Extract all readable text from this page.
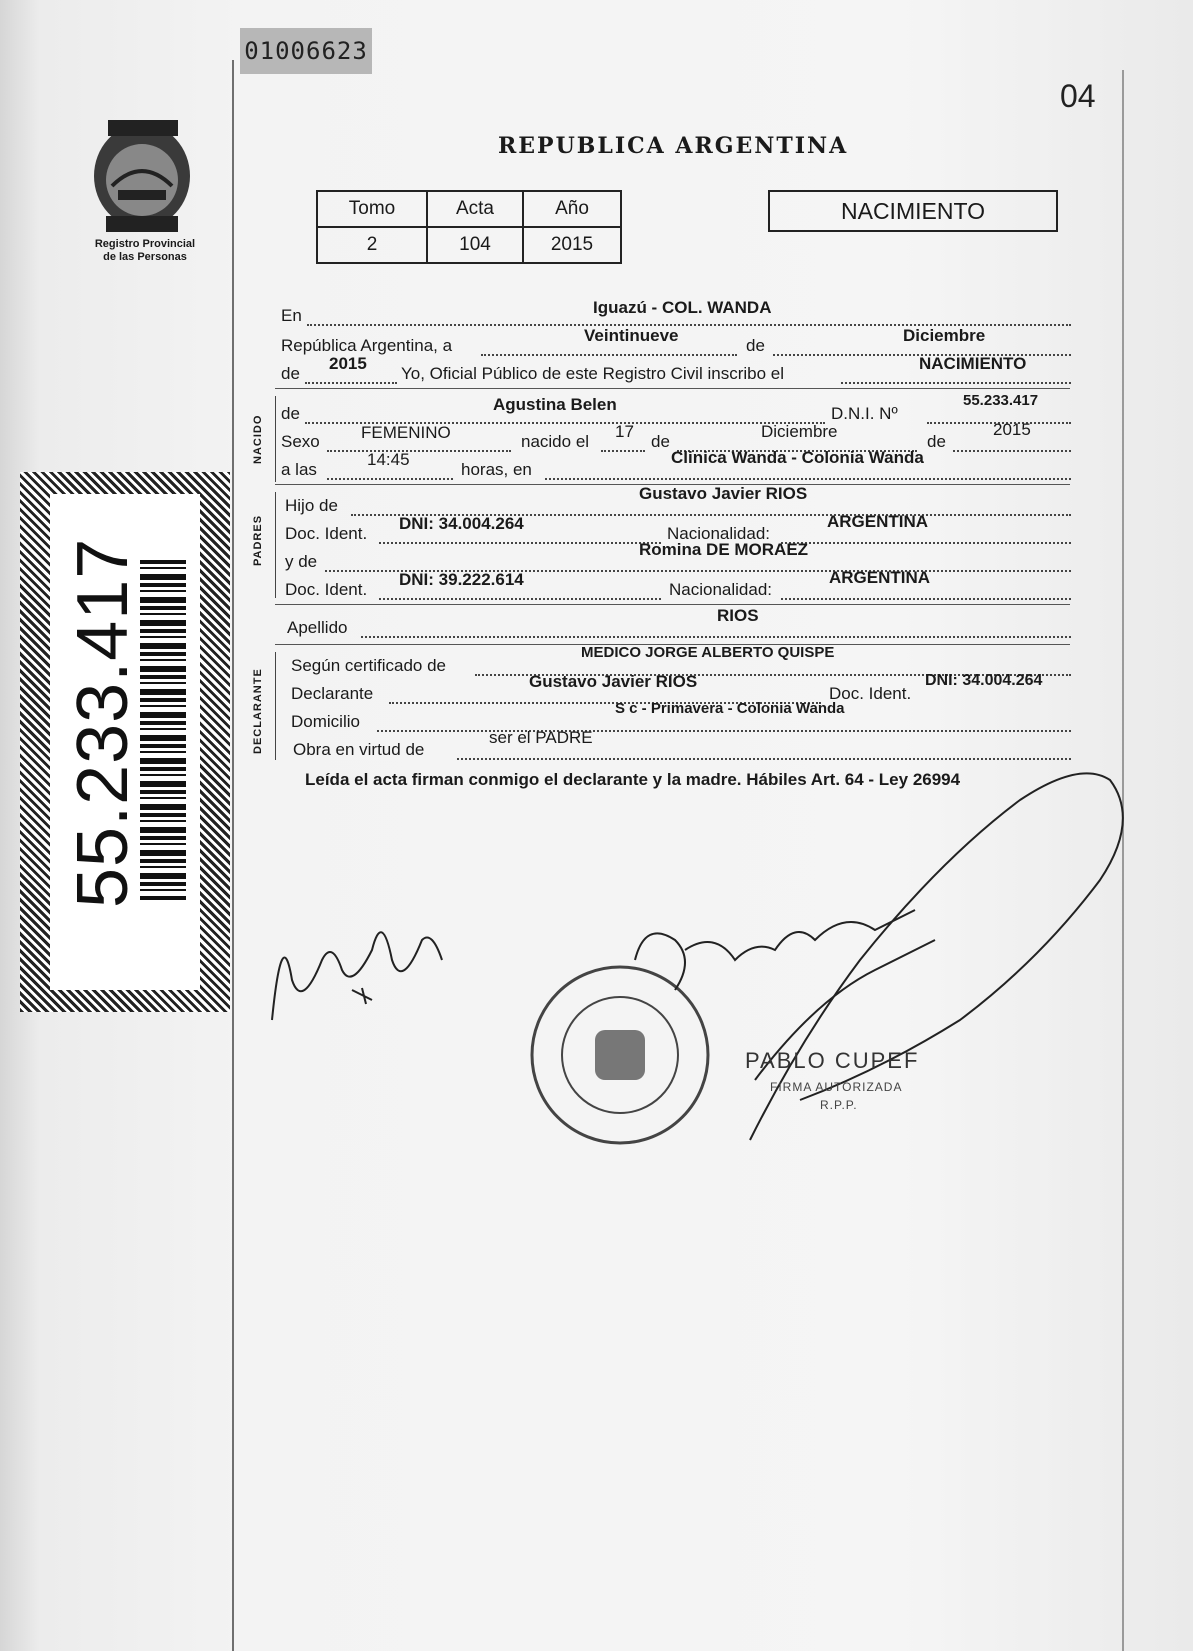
01006623
04
REPUBLICA ARGENTINA
Registro Provincial
de las Personas
Tomo	Acta	Año
2	104	2015
NACIMIENTO
En	Iguazú - COL. WANDA
República Argentina, a
Veintinueve
de
Diciembre
de
2015
Yo, Oficial Público de este Registro Civil inscribo el
NACIMIENTO
NACIDO
de	Agustina Belen	D.N.I. Nº
55.233.417
Sexo FEMENINO	nacido el
17
de
Diciembre
de
2015
a las
14:45
horas, en
Clinica Wanda - Colonia Wanda
PADRES
Hijo de
Gustavo Javier RIOS
Doc. Ident.
DNI: 34.004.264
Nacionalidad:
ARGENTINA
y de
Romina DE MORAEZ
Doc. Ident.
DNI: 39.222.614
Nacionalidad:
ARGENTINA
Apellido
RIOS
DECLARANTE
Según certificado de
MEDICO JORGE ALBERTO QUISPE
Declarante
Gustavo Javier RIOS
Doc. Ident.
DNI: 34.004.264
Domicilio
S c - Primavera - Colonia Wanda
Obra en virtud de
ser el PADRE
Leída el acta firman conmigo el declarante y la madre. Hábiles Art. 64 - Ley 26994
55.233.417
PABLO CUPEF
FIRMA AUTORIZADA
R.P.P.
